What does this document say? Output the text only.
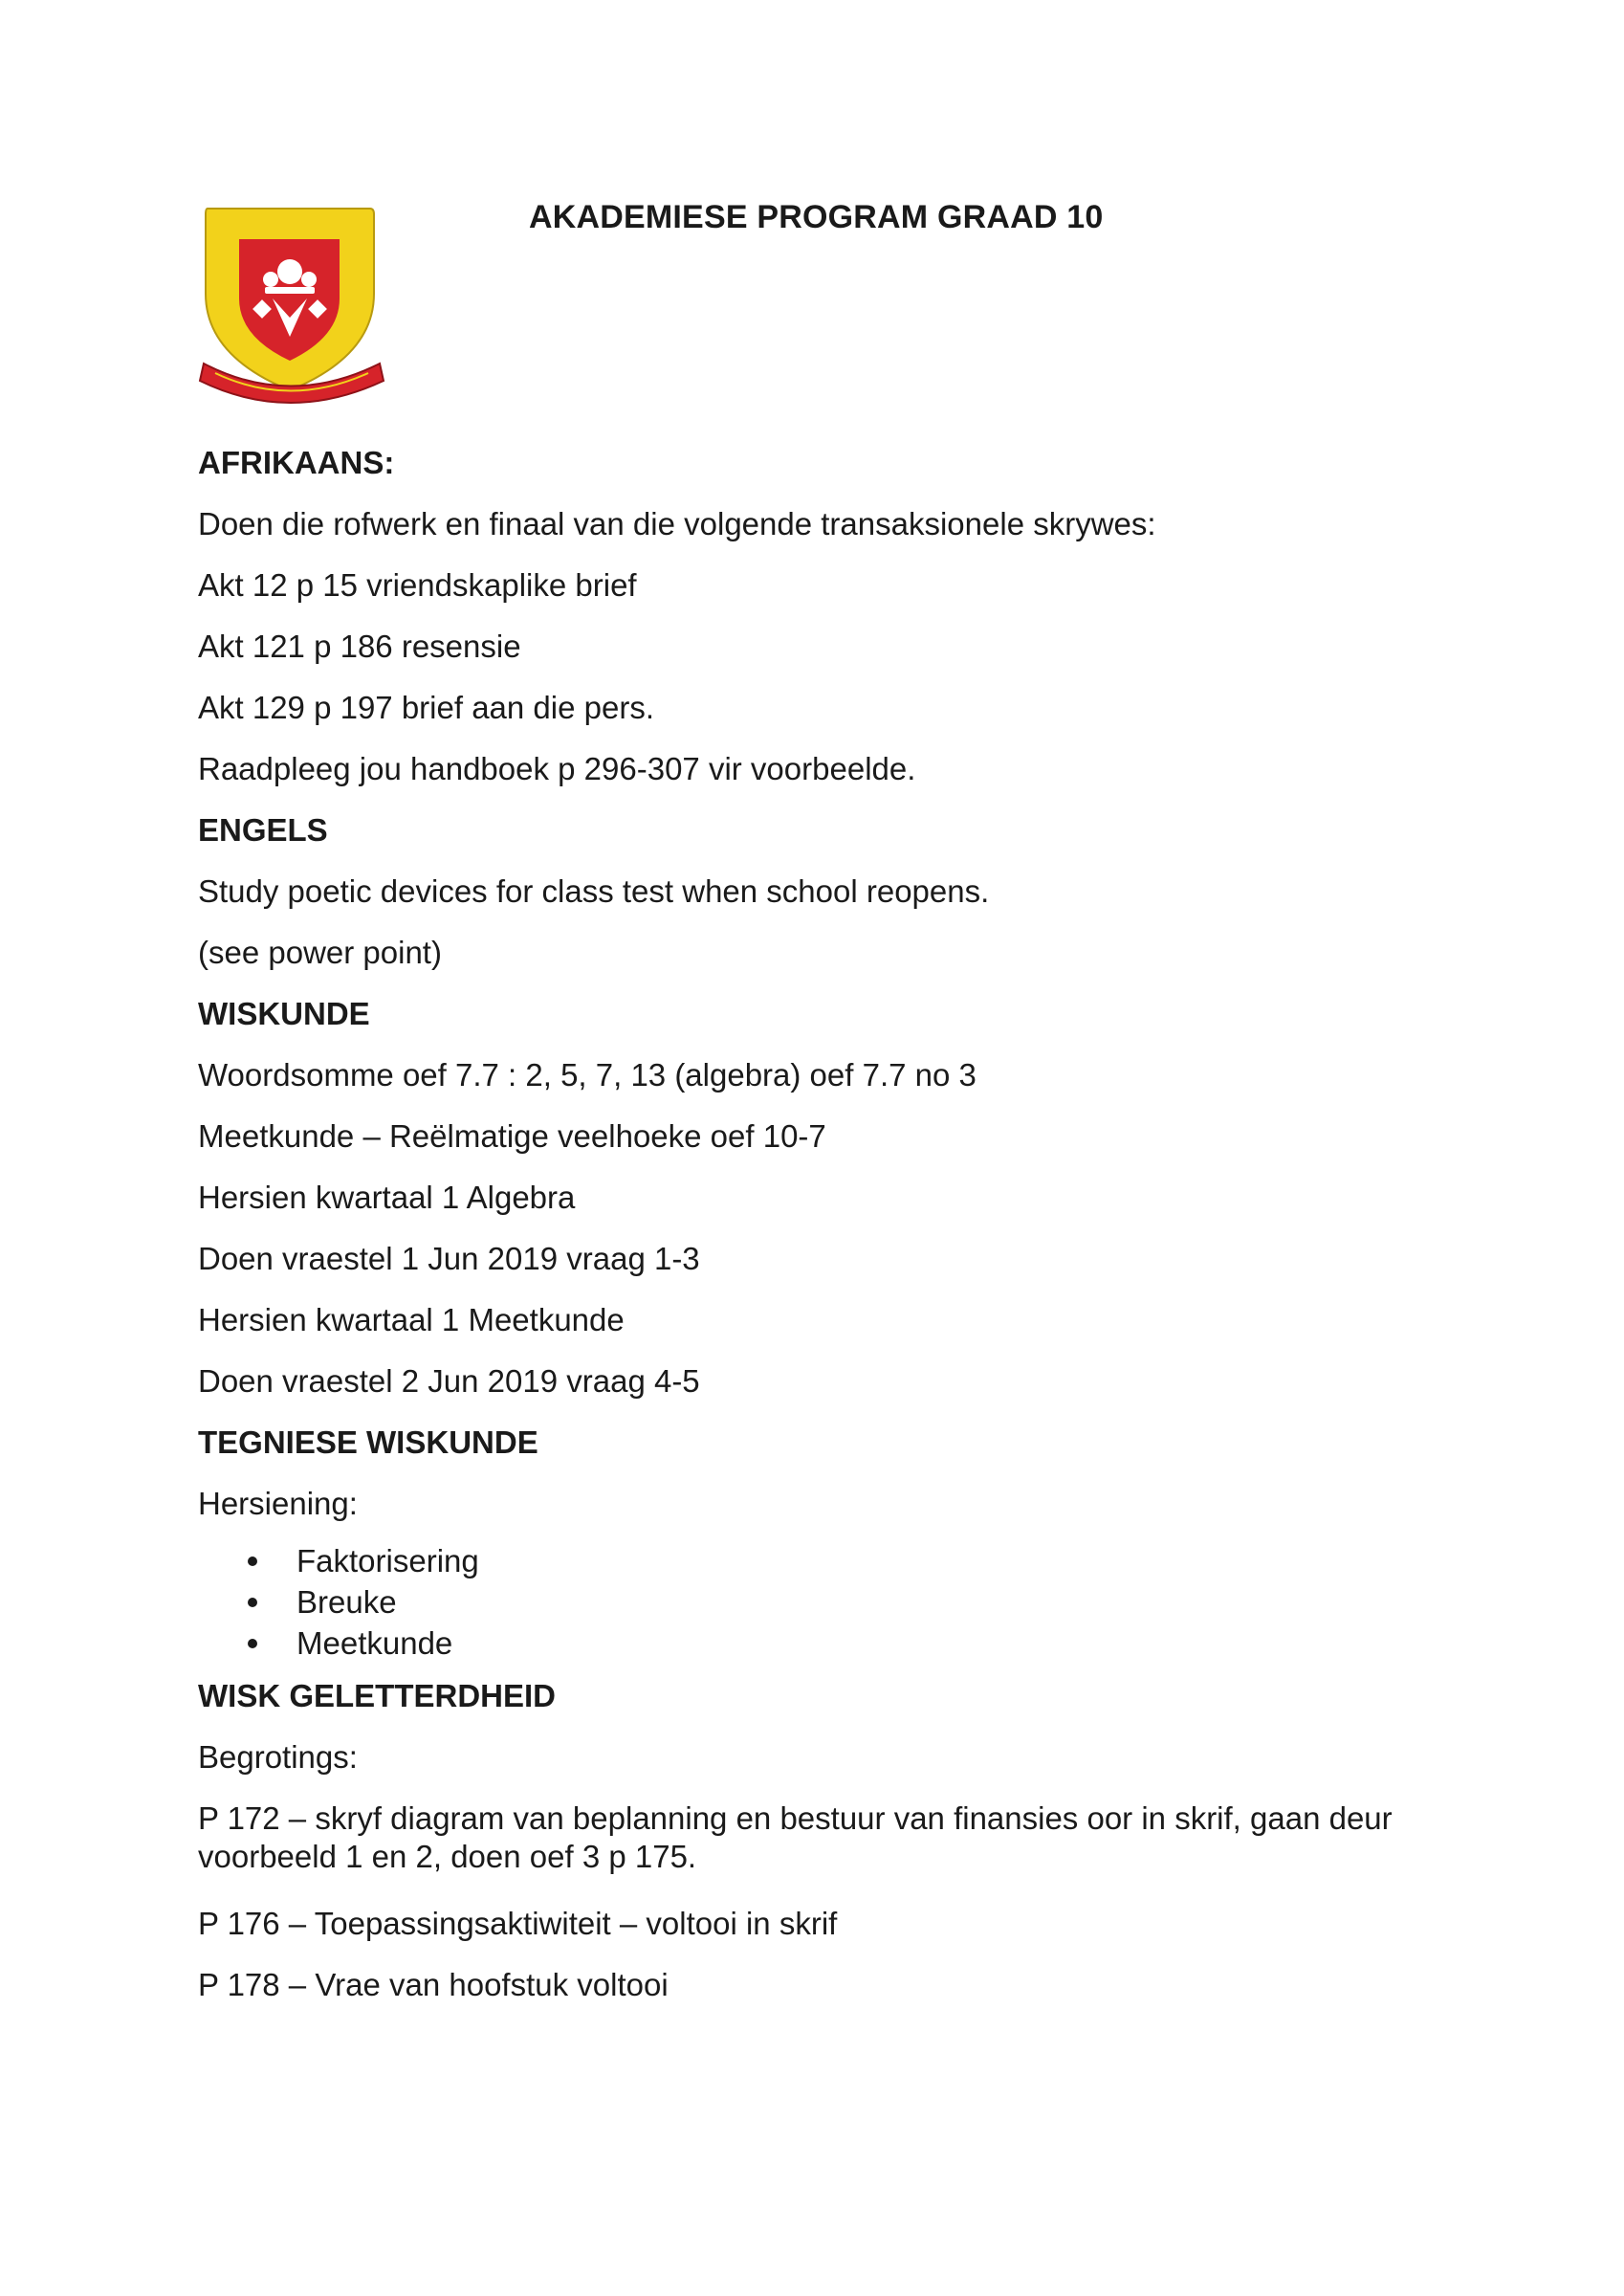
AKADEMIESE PROGRAM GRAAD 10
AFRIKAANS:
Doen die rofwerk en finaal van die volgende transaksionele skrywes:
Akt 12 p 15 vriendskaplike brief
Akt 121 p 186 resensie
Akt 129 p 197 brief aan die pers.
Raadpleeg jou handboek p 296-307 vir voorbeelde.
ENGELS
Study poetic devices for class test when school reopens.
(see power point)
WISKUNDE
Woordsomme oef 7.7 : 2, 5, 7, 13 (algebra) oef 7.7 no 3
Meetkunde – Reëlmatige veelhoeke oef 10-7
Hersien kwartaal 1 Algebra
Doen vraestel 1 Jun 2019 vraag 1-3
Hersien kwartaal 1 Meetkunde
Doen vraestel 2 Jun 2019 vraag 4-5
TEGNIESE WISKUNDE
Hersiening:
Faktorisering
Breuke
Meetkunde
WISK GELETTERDHEID
Begrotings:
P 172 – skryf diagram van beplanning en bestuur van finansies oor in skrif, gaan deur voorbeeld 1 en 2, doen oef 3 p 175.
P 176 – Toepassingsaktiwiteit – voltooi in skrif
P 178 – Vrae van hoofstuk voltooi
